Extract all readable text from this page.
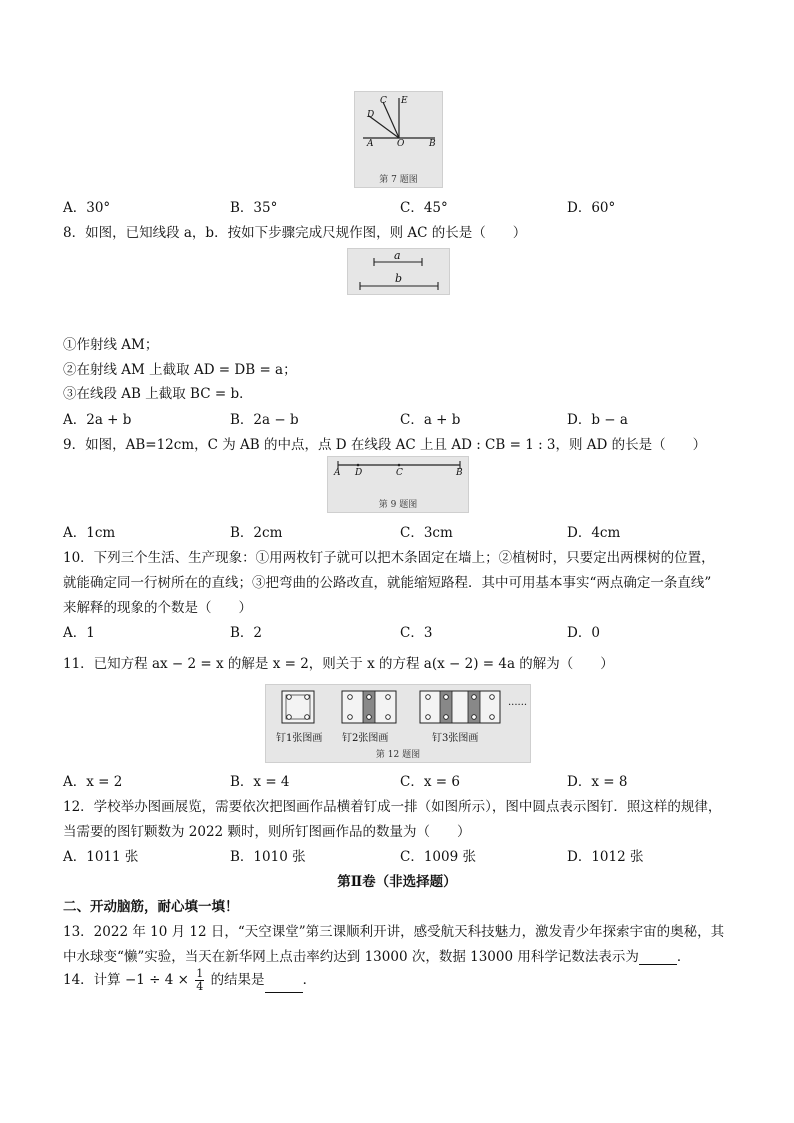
C E
D
A	O	B
第 7 题图
A．30°	B．35°	C．45°	D．60°
8．如图，已知线段 a，b．按如下步骤完成尺规作图，则 AC 的长是（　　）
a
b
①作射线 AM；
②在射线 AM 上截取 AD = DB = a；
③在线段 AB 上截取 BC = b．
A．2a + b	B．2a − b	C．a + b	D．b − a
9．如图，AB=12cm，C 为 AB 的中点，点 D 在线段 AC 上且 AD : CB = 1 : 3，则 AD 的长是（　　）
A D	C	B
第 9 题图
A．1cm	B．2cm	C．3cm	D．4cm
10．下列三个生活、生产现象：①用两枚钉子就可以把木条固定在墙上；②植树时，只要定出两棵树的位置，
就能确定同一行树所在的直线；③把弯曲的公路改直，就能缩短路程．其中可用基本事实“两点确定一条直线”
来解释的现象的个数是（　　）
A．1	B．2	C．3	D．0
11．已知方程 ax − 2 = x 的解是 x = 2，则关于 x 的方程 a(x − 2) = 4a 的解为（　　）
......
钉1张图画 钉2张图画	钉3张图画
第 12 题图
A．x = 2	B．x = 4	C．x = 6	D．x = 8
12．学校举办图画展览，需要依次把图画作品横着钉成一排（如图所示），图中圆点表示图钉．照这样的规律，
当需要的图钉颗数为 2022 颗时，则所钉图画作品的数量为（　　）
A．1011 张	B．1010 张	C．1009 张	D．1012 张
第Ⅱ卷（非选择题）
二、开动脑筋，耐心填一填！
13．2022 年 10 月 12 日，“天空课堂”第三课顺利开讲，感受航天科技魅力，激发青少年探索宇宙的奥秘，其
中水球变“懒”实验，当天在新华网上点击率约达到 13000 次，数据 13000 用科学记数法表示为	．
14．计算 $-1 \div 4 \times \frac{1}{4}$ 的结果是	．
